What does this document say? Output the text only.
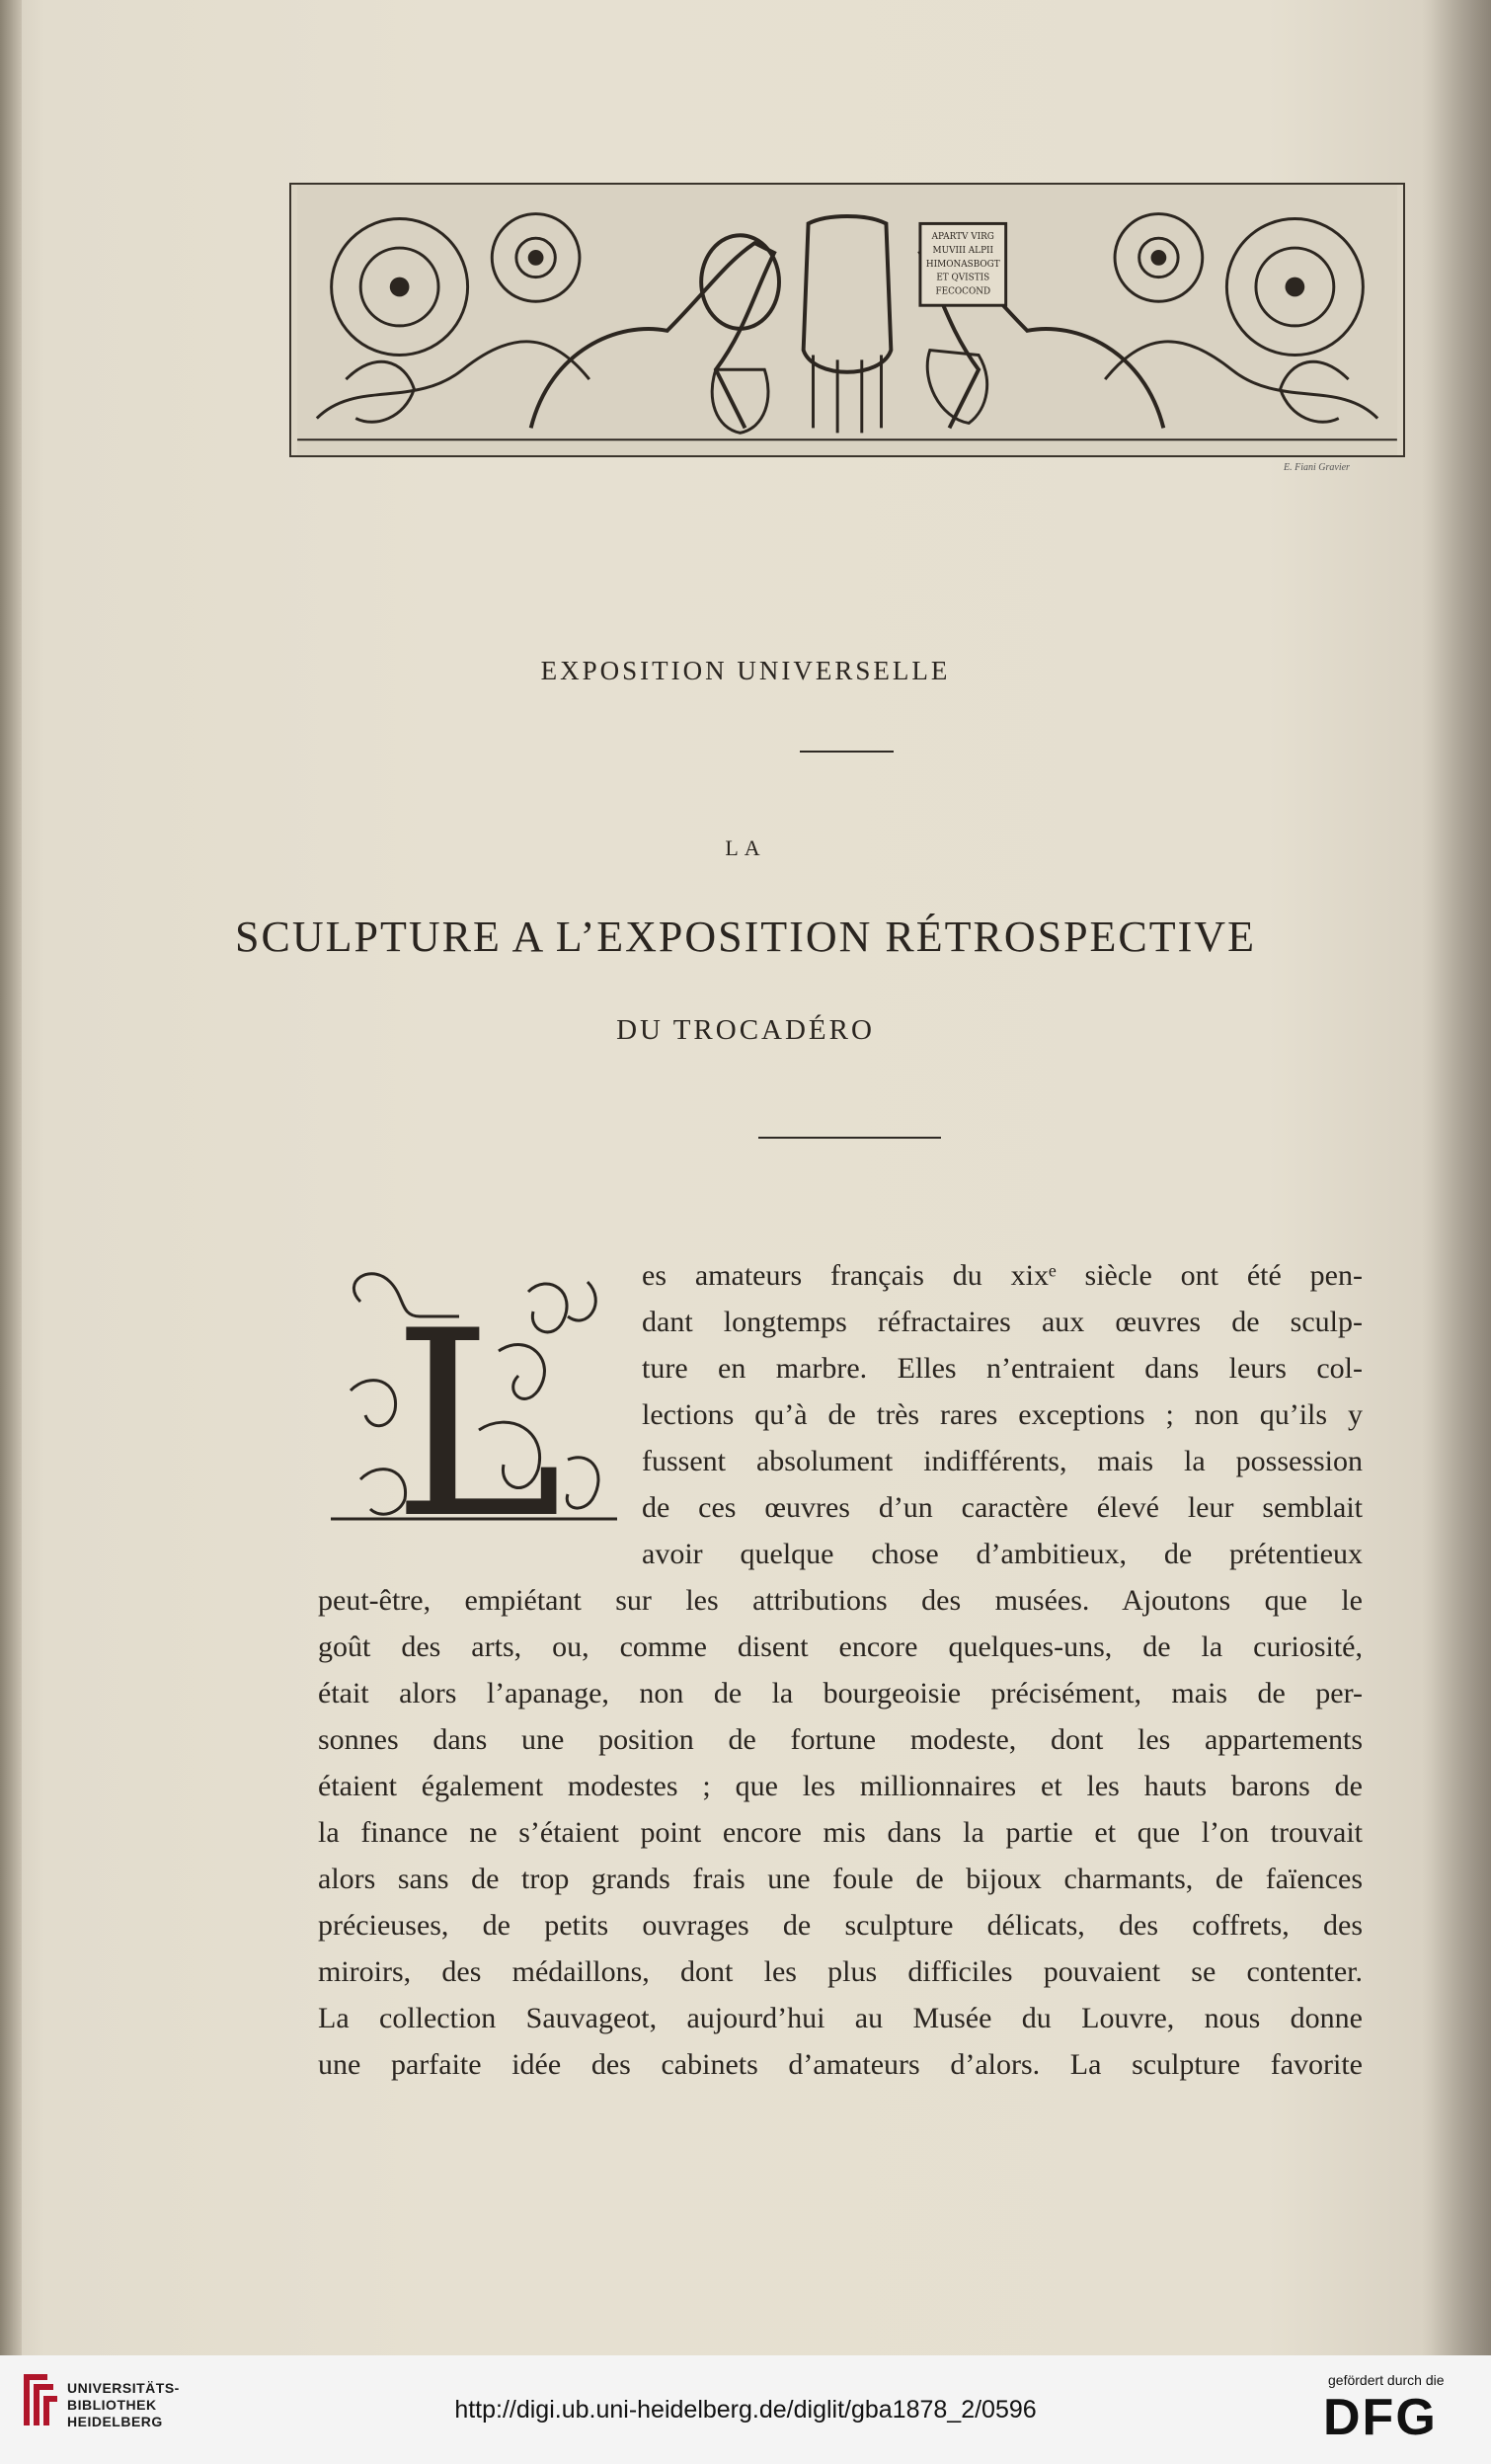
APARTV VIRG
MUVIII ALPII
HIMONASBOGT
ET QVISTIS
FECOCOND
E. Fiani Gravier
EXPOSITION UNIVERSELLE
LA
SCULPTURE A L’EXPOSITION RÉTROSPECTIVE
DU TROCADÉRO
L
es amateurs français du xixᵉ siècle ont été pen-
dant longtemps réfractaires aux œuvres de sculp-
ture en marbre. Elles n’entraient dans leurs col-
lections qu’à de très rares exceptions ; non qu’ils y
fussent absolument indifférents, mais la possession
de ces œuvres d’un caractère élevé leur semblait
avoir quelque chose d’ambitieux, de prétentieux
peut-être, empiétant sur les attributions des musées. Ajoutons que le
goût des arts, ou, comme disent encore quelques-uns, de la curiosité,
était alors l’apanage, non de la bourgeoisie précisément, mais de per-
sonnes dans une position de fortune modeste, dont les appartements
étaient également modestes ; que les millionnaires et les hauts barons de
la finance ne s’étaient point encore mis dans la partie et que l’on trouvait
alors sans de trop grands frais une foule de bijoux charmants, de faïences
précieuses, de petits ouvrages de sculpture délicats, des coffrets, des
miroirs, des médaillons, dont les plus difficiles pouvaient se contenter.
La collection Sauvageot, aujourd’hui au Musée du Louvre, nous donne
une parfaite idée des cabinets d’amateurs d’alors. La sculpture favorite
UNIVERSITÄTS-
BIBLIOTHEK
HEIDELBERG	http://digi.ub.uni-heidelberg.de/diglit/gba1878_2/0596
gefördert durch die
DFG
